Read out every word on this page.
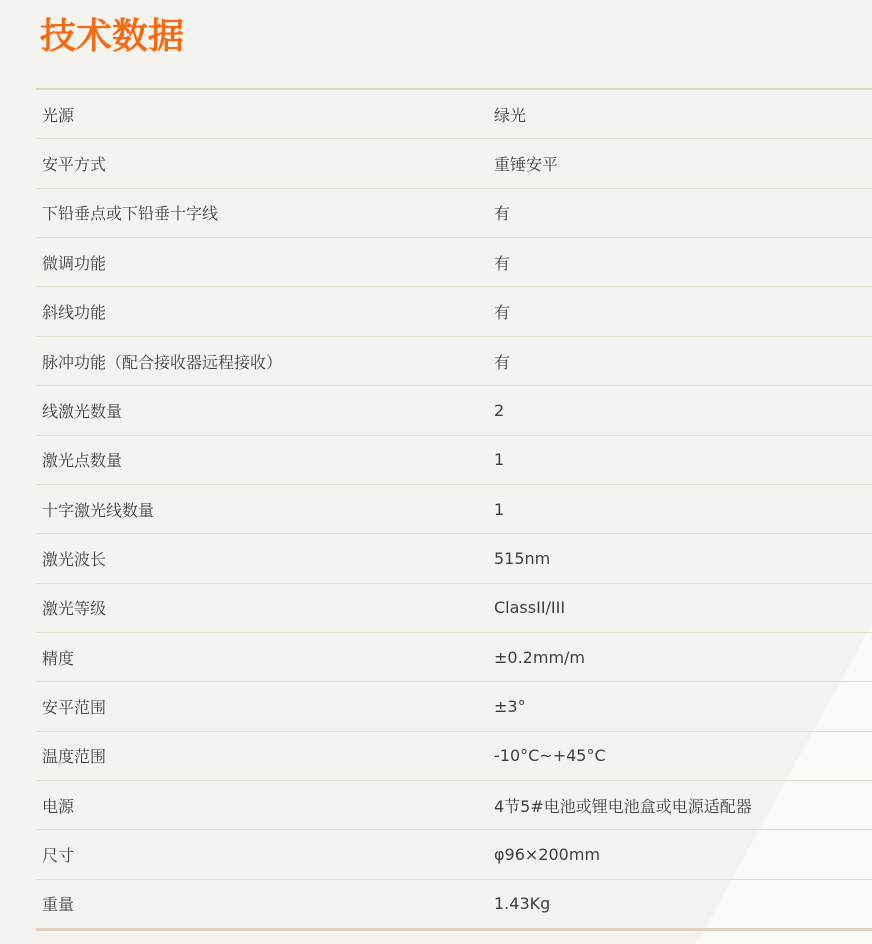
技术数据
光源	绿光
安平方式	重锤安平
下铅垂点或下铅垂十字线	有
微调功能	有
斜线功能	有
脉冲功能（配合接收器远程接收）	有
线激光数量	2
激光点数量	1
十字激光线数量	1
激光波长	515nm
激光等级	ClassII/III
精度	±0.2mm/m
安平范围	±3°
温度范围	-10°C~+45°C
电源	4节5#电池或锂电池盒或电源适配器
尺寸	φ96×200mm
重量	1.43Kg
